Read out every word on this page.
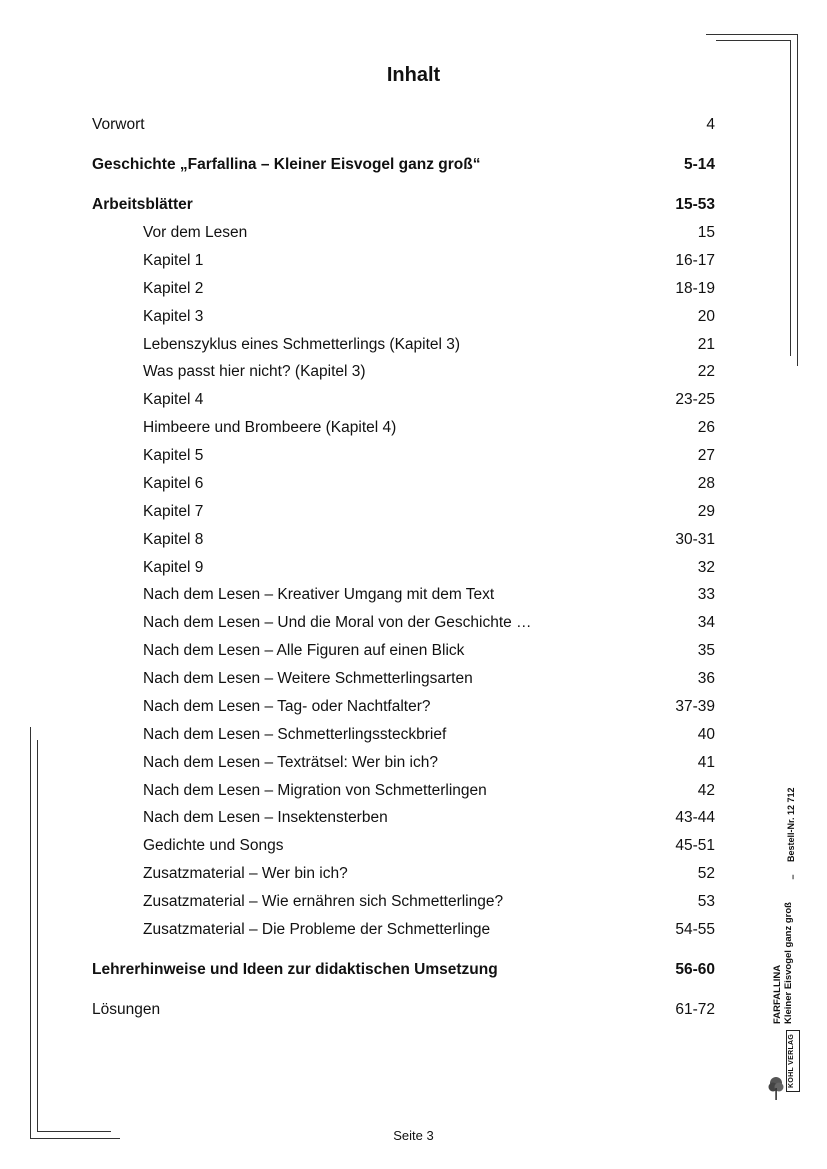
Inhalt
Vorwort	4
Geschichte „Farfallina – Kleiner Eisvogel ganz groß“	5-14
Arbeitsblätter	15-53
Vor dem Lesen	15
Kapitel 1	16-17
Kapitel 2	18-19
Kapitel 3	20
Lebenszyklus eines Schmetterlings (Kapitel 3)	21
Was passt hier nicht? (Kapitel 3)	22
Kapitel 4	23-25
Himbeere und Brombeere (Kapitel 4)	26
Kapitel 5	27
Kapitel 6	28
Kapitel 7	29
Kapitel 8	30-31
Kapitel 9	32
Nach dem Lesen – Kreativer Umgang mit dem Text	33
Nach dem Lesen – Und die Moral von der Geschichte …	34
Nach dem Lesen – Alle Figuren auf einen Blick	35
Nach dem Lesen – Weitere Schmetterlingsarten	36
Nach dem Lesen – Tag- oder Nachtfalter?	37-39
Nach dem Lesen – Schmetterlingssteckbrief	40
Nach dem Lesen – Texträtsel: Wer bin ich?	41
Nach dem Lesen – Migration von Schmetterlingen	42
Nach dem Lesen – Insektensterben	43-44
Gedichte und Songs	45-51
Zusatzmaterial – Wer bin ich?	52
Zusatzmaterial – Wie ernähren sich Schmetterlinge?	53
Zusatzmaterial – Die Probleme der Schmetterlinge	54-55
Lehrerhinweise und Ideen zur didaktischen Umsetzung	56-60
Lösungen	61-72
Seite 3
FARFALLINA Kleiner Eisvogel ganz groß
–
Bestell-Nr. 12 712
KOHL VERLAG
